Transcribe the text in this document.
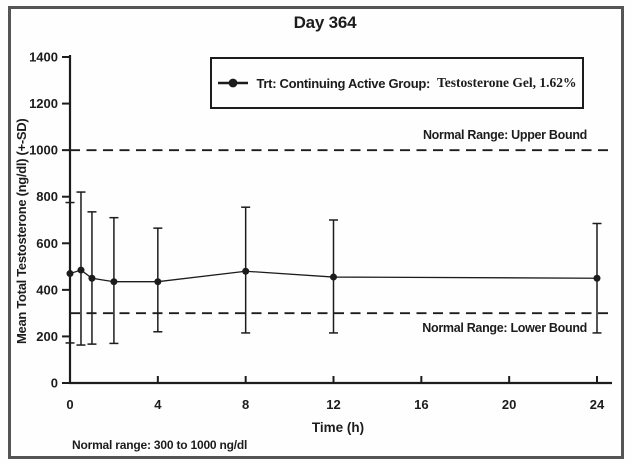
Day 364
Trt: Continuing Active Group: Testosterone Gel, 1.62%
Mean Total Testosterone (ng/dl) (+-SD)
0
200
400
600
800
1000
1200
1400
0	4	8	12	16	20	24
Normal Range: Upper Bound
Normal Range: Lower Bound
Time (h)
Normal range: 300 to 1000 ng/dl
